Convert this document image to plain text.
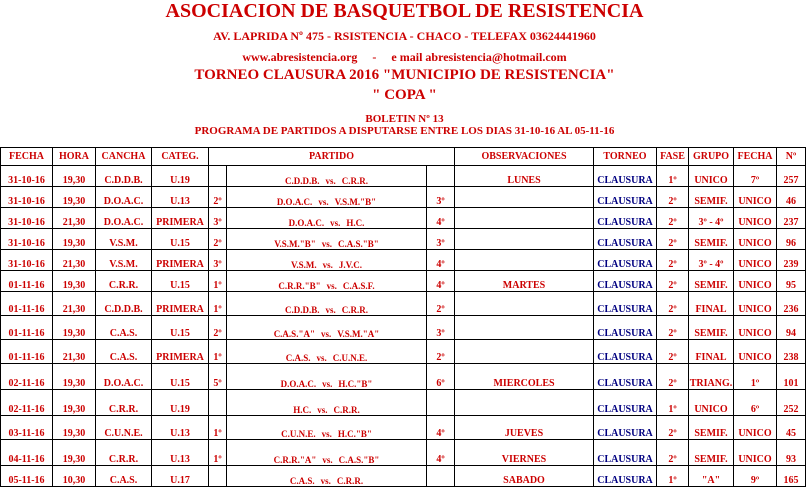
ASOCIACION DE BASQUETBOL DE RESISTENCIA
AV. LAPRIDA Nº 475 - RSISTENCIA - CHACO - TELEFAX 03624441960
www.abresistencia.org - e mail abresistencia@hotmail.com
TORNEO CLAUSURA 2016 "MUNICIPIO DE RESISTENCIA"
" COPA "
BOLETIN Nº 13
PROGRAMA DE PARTIDOS A DISPUTARSE ENTRE LOS DIAS 31-10-16 AL 05-11-16
FECHA	HORA	CANCHA	CATEG.	PARTIDO			OBSERVACIONES	TORNEO	FASE	GRUPO	FECHA	Nº
31-10-16	19,30	C.D.D.B.	U.19		C.D.D.B. vs. C.R.R.		LUNES	CLAUSURA	1º	UNICO	7º	257
31-10-16	19,30	D.O.A.C.	U.13	2º	D.O.A.C. vs. V.S.M."B"	3º		CLAUSURA	2º	SEMIF.	UNICO	46
31-10-16	21,30	D.O.A.C.	PRIMERA	3º	D.O.A.C. vs. H.C.	4º		CLAUSURA	2º	3º - 4º	UNICO	237
31-10-16	19,30	V.S.M.	U.15	2º	V.S.M."B" vs. C.A.S."B"	3º		CLAUSURA	2º	SEMIF.	UNICO	96
31-10-16	21,30	V.S.M.	PRIMERA	3º	V.S.M. vs. J.V.C.	4º		CLAUSURA	2º	3º - 4º	UNICO	239
01-11-16	19,30	C.R.R.	U.15	1º	C.R.R."B" vs. C.A.S.F.	4º	MARTES	CLAUSURA	2º	SEMIF.	UNICO	95
01-11-16	21,30	C.D.D.B.	PRIMERA	1º	C.D.D.B. vs. C.R.R.	2º		CLAUSURA	2º	FINAL	UNICO	236
01-11-16	19,30	C.A.S.	U.15	2º	C.A.S."A" vs. V.S.M."A"	3º		CLAUSURA	2º	SEMIF.	UNICO	94
01-11-16	21,30	C.A.S.	PRIMERA	1º	C.A.S. vs. C.U.N.E.	2º		CLAUSURA	2º	FINAL	UNICO	238
02-11-16	19,30	D.O.A.C.	U.15	5º	D.O.A.C. vs. H.C."B"	6º	MIERCOLES	CLAUSURA	2º	TRIANG.	1º	101
02-11-16	19,30	C.R.R.	U.19		H.C. vs. C.R.R.			CLAUSURA	1º	UNICO	6º	252
03-11-16	19,30	C.U.N.E.	U.13	1º	C.U.N.E. vs. H.C."B"	4º	JUEVES	CLAUSURA	2º	SEMIF.	UNICO	45
04-11-16	19,30	C.R.R.	U.13	1º	C.R.R."A" vs. C.A.S."B"	4º	VIERNES	CLAUSURA	2º	SEMIF.	UNICO	93
05-11-16	10,30	C.A.S.	U.17		C.A.S. vs. C.R.R.		SABADO	CLAUSURA	1º	"A"	9º	165
